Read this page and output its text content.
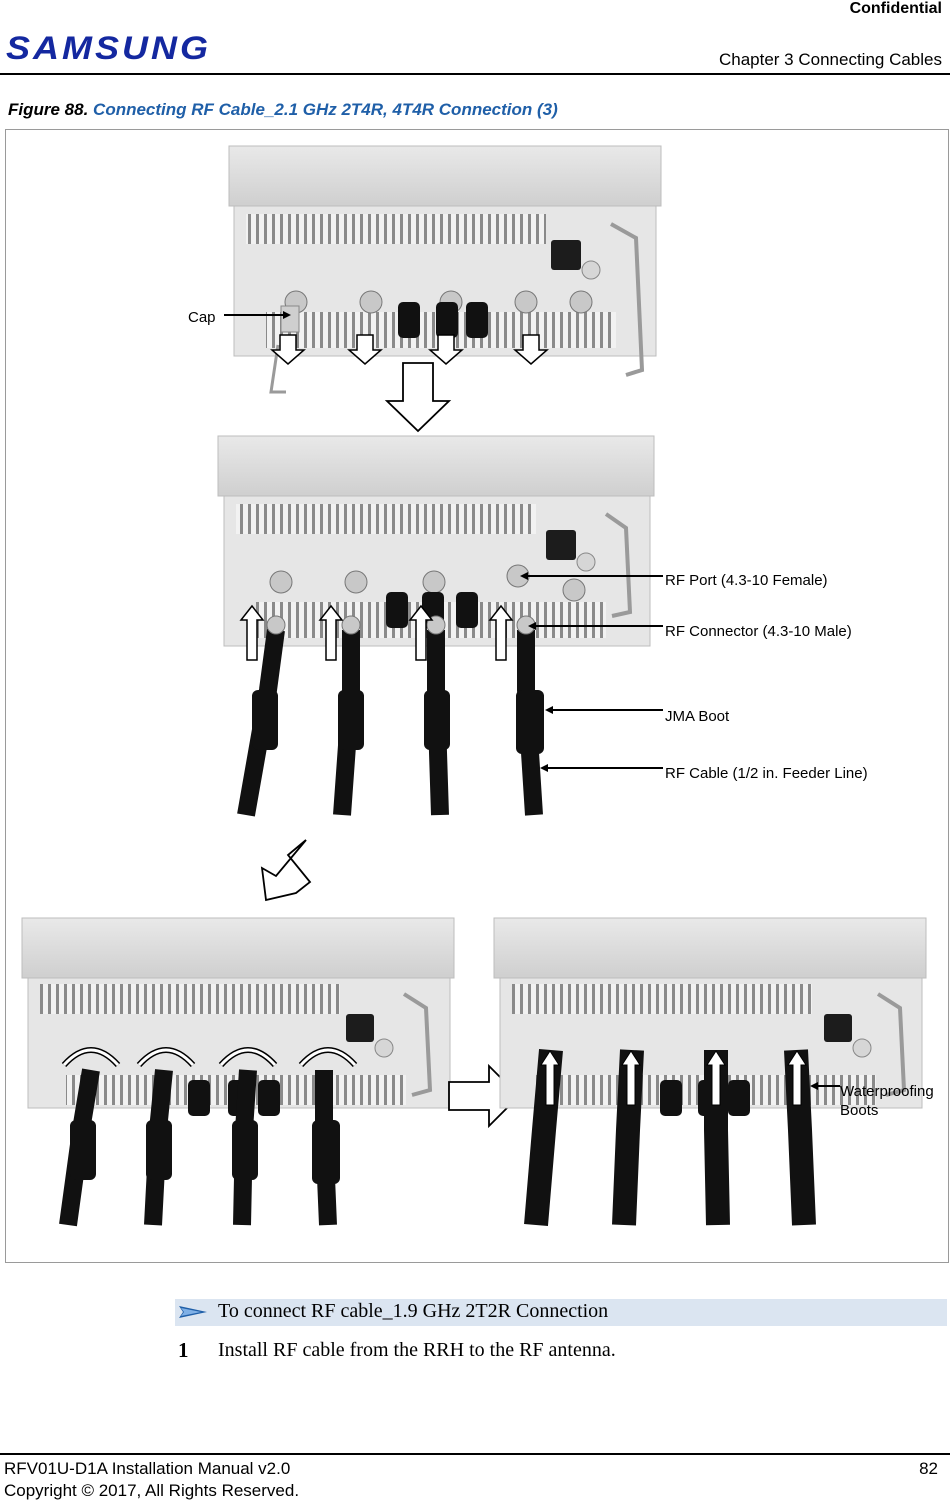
Confidential
SAMSUNG	Chapter 3 Connecting Cables
Figure 88. Connecting RF Cable_2.1 GHz 2T4R, 4T4R Connection (3)
Cap
RF Port (4.3-10 Female)
RF Connector (4.3-10 Male)
JMA Boot
RF Cable (1/2 in. Feeder Line)
Waterproofing
Boots
To connect RF cable_1.9 GHz 2T2R Connection
1 Install RF cable from the RRH to the RF antenna.
RFV01U-D1A Installation Manual v2.0	82
Copyright © 2017, All Rights Reserved.
